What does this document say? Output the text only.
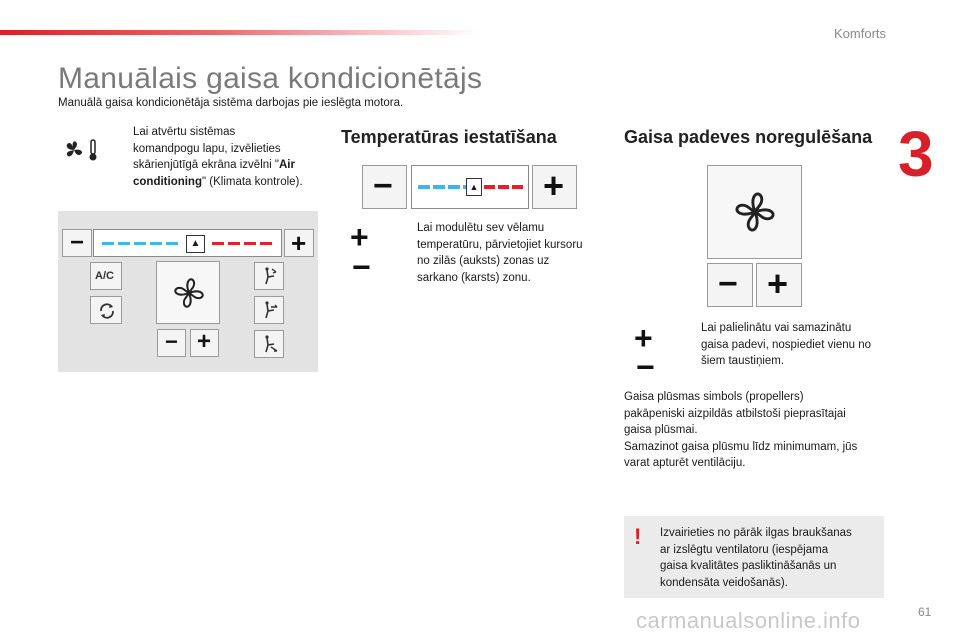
Komforts
3
Manuālais gaisa kondicionētājs
Manuālā gaisa kondicionētāja sistēma darbojas pie ieslēgta motora.
Lai atvērtu sistēmas
komandpogu lapu, izvēlieties
skārienjūtīgā ekrāna izvēlni "Air
conditioning" (Klimata kontrole).
−	▲	+
A/C
− +
Temperatūras iestatīšana
−	▲ +
+
−
Lai modulētu sev vēlamu
temperatūru, pārvietojiet kursoru
no zilās (auksts) zonas uz
sarkano (karsts) zonu.
Gaisa padeves noregulēšana
− +
+
−
Lai palielinātu vai samazinātu
gaisa padevi, nospiediet vienu no
šiem taustiņiem.
Gaisa plūsmas simbols (propellers)
pakāpeniski aizpildās atbilstoši pieprasītajai
gaisa plūsmai.
Samazinot gaisa plūsmu līdz minimumam, jūs
varat apturēt ventilāciju.
! Izvairieties no pārāk ilgas braukšanas
ar izslēgtu ventilatoru (iespējama
gaisa kvalitātes pasliktināšanās un
kondensāta veidošanās).
carmanualsonline.info	61
